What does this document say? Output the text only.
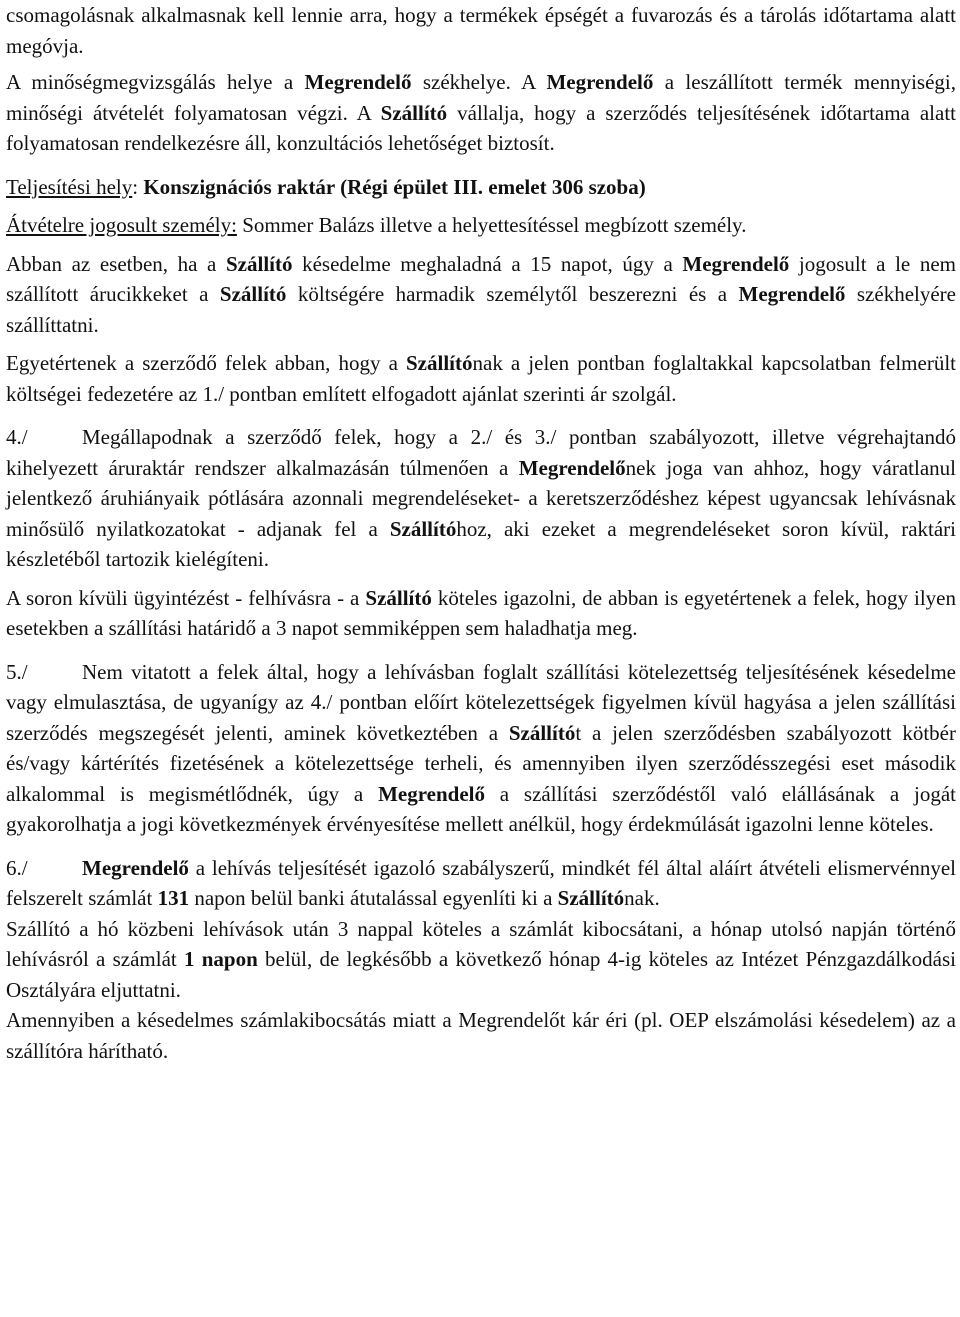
csomagolásnak alkalmasnak kell lennie arra, hogy a termékek épségét a fuvarozás és a tárolás időtartama alatt megóvja.

A minőségmegvizsgálás helye a Megrendelő székhelye. A Megrendelő a leszállított termék mennyiségi, minőségi átvételét folyamatosan végzi. A Szállító vállalja, hogy a szerződés teljesítésének időtartama alatt folyamatosan rendelkezésre áll, konzultációs lehetőséget biztosít.

Teljesítési hely: Konszignációs raktár (Régi épület III. emelet 306 szoba)

Átvételre jogosult személy: Sommer Balázs illetve a helyettesítéssel megbízott személy.

Abban az esetben, ha a Szállító késedelme meghaladná a 15 napot, úgy a Megrendelő jogosult a le nem szállított árucikkeket a Szállító költségére harmadik személytől beszerezni és a Megrendelő székhelyére szállíttatni.

Egyetértenek a szerződő felek abban, hogy a Szállítónak a jelen pontban foglaltakkal kapcsolatban felmerült költségei fedezetére az 1./ pontban említett elfogadott ajánlat szerinti ár szolgál.

4./	Megállapodnak a szerződő felek, hogy a 2./ és 3./ pontban szabályozott, illetve végrehajtandó kihelyezett áruraktár rendszer alkalmazásán túlmenően a Megrendelőnek joga van ahhoz, hogy váratlanul jelentkező áruhiányaik pótlására azonnali megrendeléseket- a keretszerződéshez képest ugyancsak lehívásnak minősülő nyilatkozatokat - adjanak fel a Szállítóhoz, aki ezeket a megrendeléseket soron kívül, raktári készletéből tartozik kielégíteni.

A soron kívüli ügyintézést - felhívásra - a Szállító köteles igazolni, de abban is egyetértenek a felek, hogy ilyen esetekben a szállítási határidő a 3 napot semmiképpen sem haladhatja meg.

5./	Nem vitatott a felek által, hogy a lehívásban foglalt szállítási kötelezettség teljesítésének késedelme vagy elmulasztása, de ugyanígy az 4./ pontban előírt kötelezettségek figyelmen kívül hagyása a jelen szállítási szerződés megszegését jelenti, aminek következtében a Szállítót a jelen szerződésben szabályozott kötbér és/vagy kártérítés fizetésének a kötelezettsége terheli, és amennyiben ilyen szerződésszegési eset második alkalommal is megismétlődnék, úgy a Megrendelő a szállítási szerződéstől való elállásának a jogát gyakorolhatja a jogi következmények érvényesítése mellett anélkül, hogy érdekmúlását igazolni lenne köteles.

6./	Megrendelő a lehívás teljesítését igazoló szabályszerű, mindkét fél által aláírt átvételi elismervénnyel felszerelt számlát 131 napon belül banki átutalással egyenlíti ki a Szállítónak.

Szállító a hó közbeni lehívások után 3 nappal köteles a számlát kibocsátani, a hónap utolsó napján történő lehívásról a számlát 1 napon belül, de legkésőbb a következő hónap 4-ig köteles az Intézet Pénzgazdálkodási Osztályára eljuttatni.

Amennyiben a késedelmes számlakibocsátás miatt a Megrendelőt kár éri (pl. OEP elszámolási késedelem) az a szállítóra hárítható.
